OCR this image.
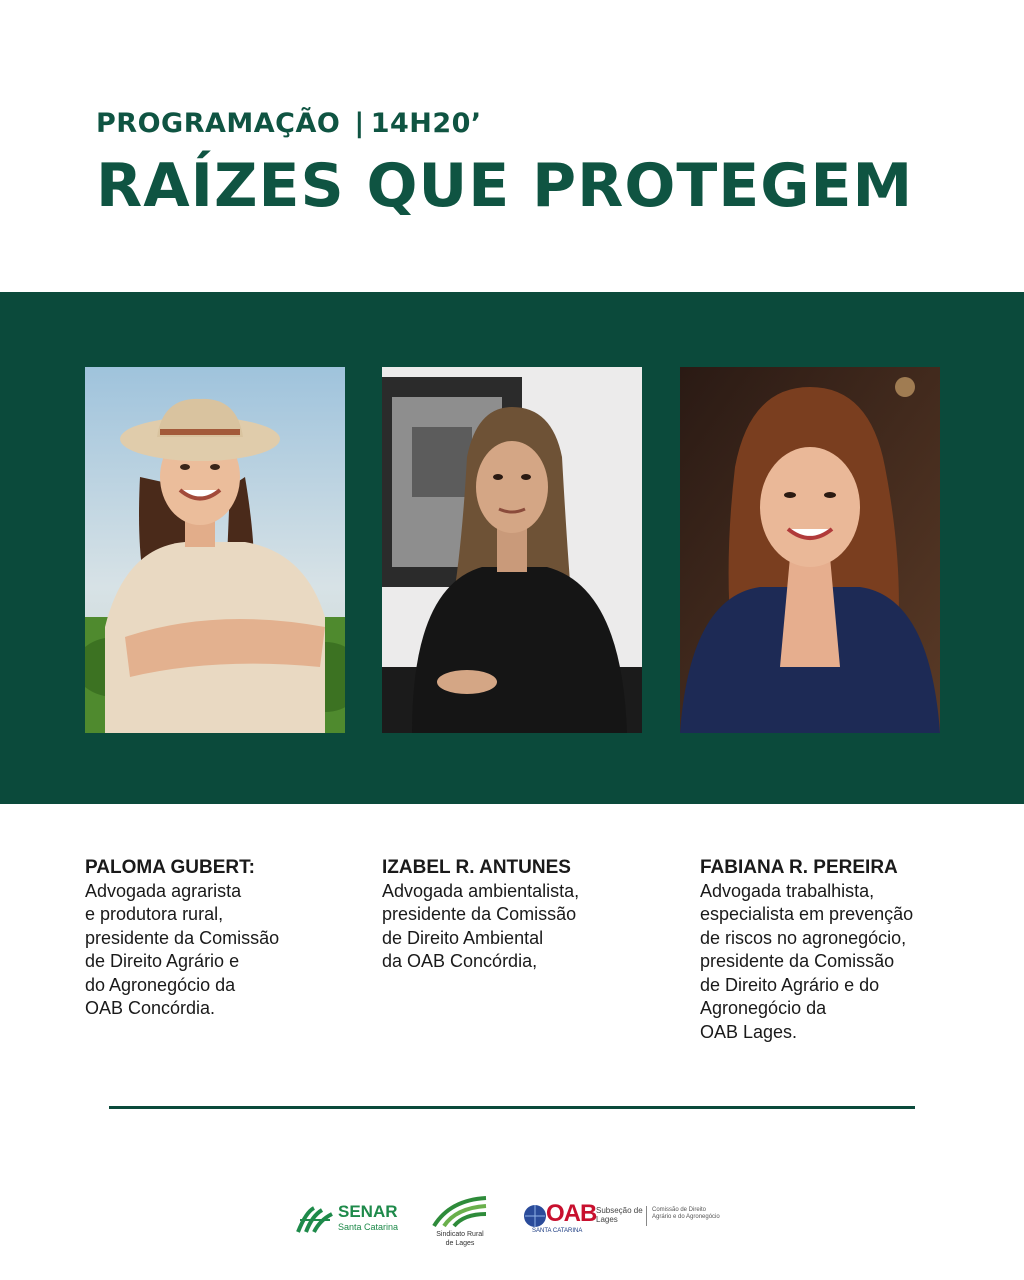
PROGRAMAÇÃO | 14H20’
RAÍZES QUE PROTEGEM
PALOMA GUBERT:
Advogada agrarista
e produtora rural,
presidente da Comissão
de Direito Agrário e
do Agronegócio da
OAB Concórdia.
IZABEL R. ANTUNES
Advogada ambientalista,
presidente da Comissão
de Direito Ambiental
da OAB Concórdia,
FABIANA R. PEREIRA
Advogada trabalhista,
especialista em prevenção
de riscos no agronegócio,
presidente da Comissão
de Direito Agrário e do
Agronegócio da
OAB Lages.
SENAR
Santa Catarina
Sindicato Rural
de Lages
OAB
SANTA CATARINA
Subseção de
Lages
Comissão de Direito
Agrário e do Agronegócio
